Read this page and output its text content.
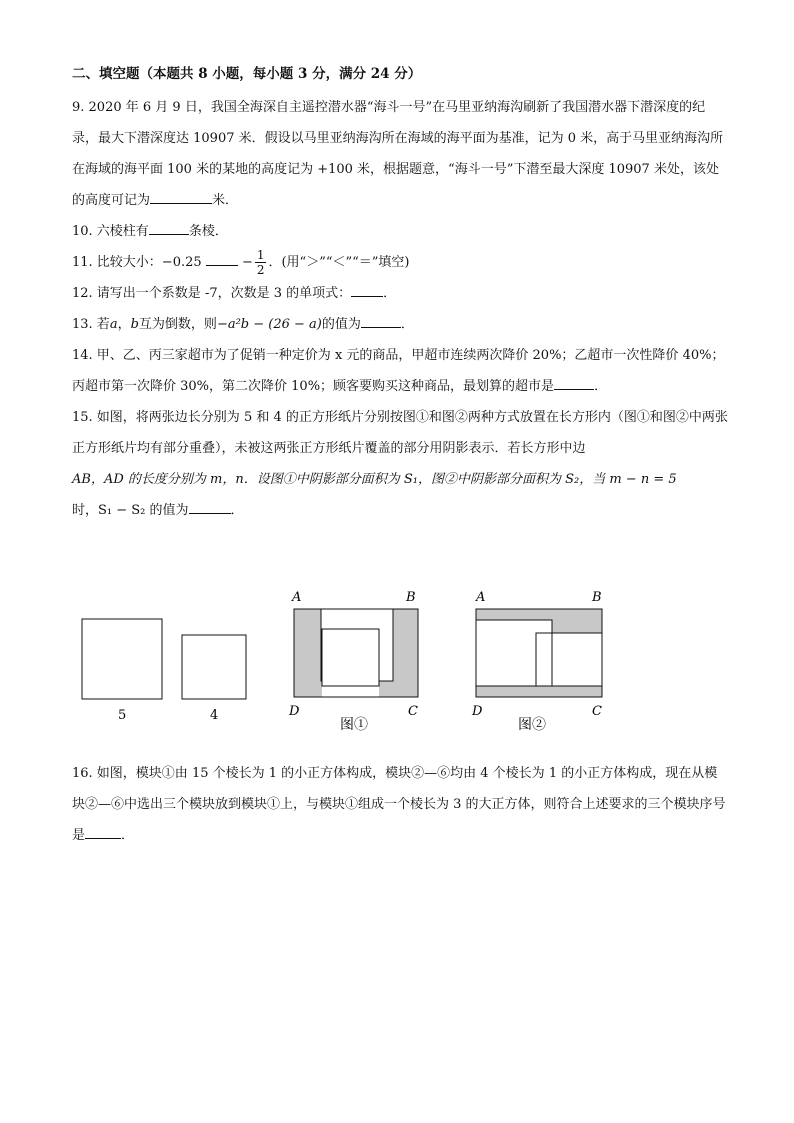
二、填空题（本题共 8 小题，每小题 3 分，满分 24 分）
9. 2020 年 6 月 9 日，我国全海深自主遥控潜水器“海斗一号”在马里亚纳海沟刷新了我国潜水器下潜深度的纪录，最大下潜深度达 10907 米．假设以马里亚纳海沟所在海域的海平面为基准，记为 0 米，高于马里亚纳海沟所在海域的海平面 100 米的某地的高度记为 +100 米，根据题意，“海斗一号”下潜至最大深度 10907 米处，该处的高度可记为	米．
10. 六棱柱有	条棱．
11. 比较大小：−0.25	− $\frac{1}{2}$ ．(用“＞”“＜”“＝”填空)
12. 请写出一个系数是 -7，次数是 3 的单项式： ．
13. 若a，b互为倒数，则−a²b − (26 − a)的值为	．
14. 甲、乙、丙三家超市为了促销一种定价为 x 元的商品，甲超市连续两次降价 20%；乙超市一次性降价 40%；丙超市第一次降价 30%，第二次降价 10%；顾客要购买这种商品，最划算的超市是	．
15. 如图，将两张边长分别为 5 和 4 的正方形纸片分别按图①和图②两种方式放置在长方形内（图①和图②中两张正方形纸片均有部分重叠），未被这两张正方形纸片覆盖的部分用阴影表示．若长方形中边
AB，AD 的长度分别为 m，n．设图①中阴影部分面积为 S₁，图②中阴影部分面积为 S₂，当 m − n = 5
时，S₁ − S₂ 的值为	．
5	4
A	B
D	C
图①
A	B
D	C
图②
16. 如图，模块①由 15 个棱长为 1 的小正方体构成，模块②—⑥均由 4 个棱长为 1 的小正方体构成，现在从模块②—⑥中选出三个模块放到模块①上，与模块①组成一个棱长为 3 的大正方体，则符合上述要求的三个模块序号是	．
